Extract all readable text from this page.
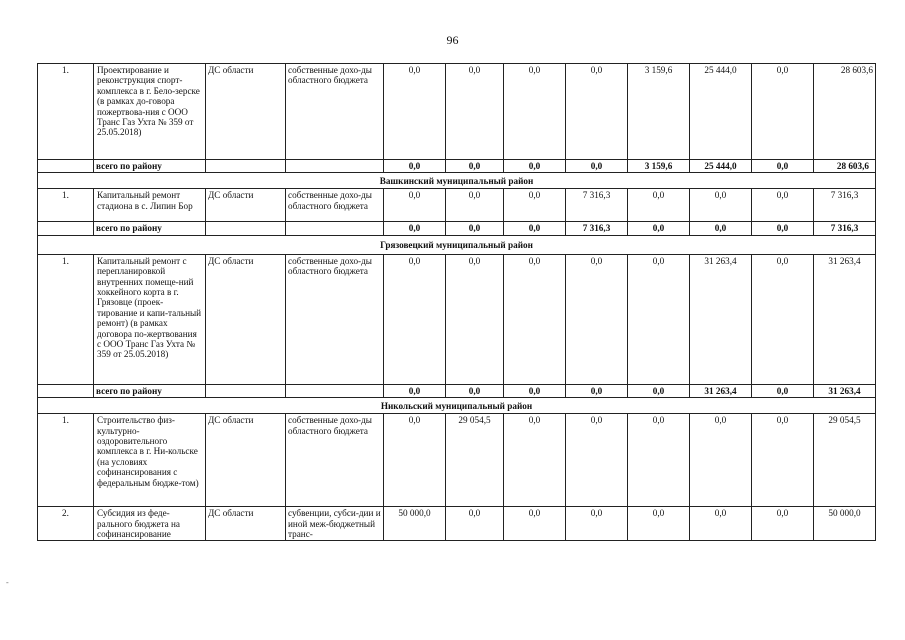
96
-
1.	Проектирование и реконструкция спорт-комплекса в г. Бело-зерске (в рамках до-говора пожертвова-ния с ООО Транс Газ Ухта № 359 от 25.05.2018)	ДС области	собственные дохо-ды областного бюджета	0,0	0,0	0,0	0,0	3 159,6	25 444,0	0,0	28 603,6
	всего по району			0,0	0,0	0,0	0,0	3 159,6	25 444,0	0,0	28 603,6
Вашкинский муниципальный район											
1.	Капитальный ремонт стадиона в с. Липин Бор	ДС области	собственные дохо-ды областного бюджета	0,0	0,0	0,0	7 316,3	0,0	0,0	0,0	7 316,3
	всего по району			0,0	0,0	0,0	7 316,3	0,0	0,0	0,0	7 316,3
Грязовецкий муниципальный район											
1.	Капитальный ремонт с перепланировкой внутренних помеще-ний хоккейного корта в г. Грязовце (проек-тирование и капи-тальный ремонт) (в рамках договора по-жертвования с ООО Транс Газ Ухта № 359 от 25.05.2018)	ДС области	собственные дохо-ды областного бюджета	0,0	0,0	0,0	0,0	0,0	31 263,4	0,0	31 263,4
	всего по району			0,0	0,0	0,0	0,0	0,0	31 263,4	0,0	31 263,4
Никольский муниципальный район											
1.	Строительство физ-культурно-оздоровительного комплекса в г. Ни-кольске (на условиях софинансирования с федеральным бюдже-том)	ДС области	собственные дохо-ды областного бюджета	0,0	29 054,5	0,0	0,0	0,0	0,0	0,0	29 054,5
2.	Субсидия из феде-рального бюджета на софинансирование	ДС области	субвенции, субси-дии и иной меж-бюджетный транс-	50 000,0	0,0	0,0	0,0	0,0	0,0	0,0	50 000,0
